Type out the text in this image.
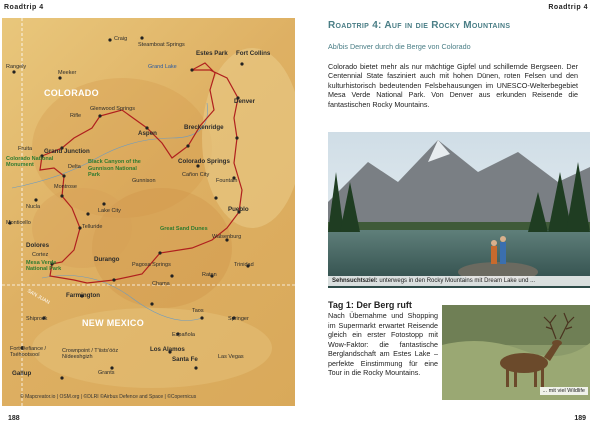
Roadtrip 4
COLORADO
NEW MEXICO
SAN JUAN
Craig
Steamboat Springs
Estes Park Fort Collins
Rangely
Meeker
Grand Lake
Denver
Glenwood Springs
Rifle
Aspen
Breckenridge
Fruita Grand Junction
Colorado National Monument	Black Canyon of the Gunnison National Park
Delta
Colorado Springs
Montrose
Gunnison	Fountain
Cañon City
Nucla	Pueblo
Monticello
Lake City
Telluride	Great Sand Dunes
Dolores
Walsenburg
Cortez
Mesa Verde National Park
Durango
Pagosa Springs	Trinidad
Farmington
Chama
Raton
Taos
Springer
Shiprock
Española
Fort Defiance / Tséhootsooí
Crownpoint / T'iists'óóz Nídeeshgizh
Los Alamos
Santa Fe	Las Vegas
Gallup	Grants
© Mapcreator.io | OSM.org | ©DLRI ©Airbus Defence and Space | ©Copernicus
188
Roadtrip 4
Roadtrip 4: Auf in die Rocky Mountains
Ab/bis Denver durch die Berge von Colorado
Colorado bietet mehr als nur mächtige Gipfel und schillernde Bergseen. Der Centennial State fasziniert auch mit hohen Dünen, roten Felsen und den kulturhistorisch bedeutenden Felsbehausungen im UNESCO-Welterbegebiet Mesa Verde National Park. Von Denver aus erkunden Reisende die fantastischen Rocky Mountains.
Sehnsuchtsziel: unterwegs in den Rocky Mountains mit Dream Lake und ...
Tag 1: Der Berg ruft
Nach Übernahme und Shopping im Supermarkt erwartet Reisende gleich ein erster Fotostopp mit Wow-Faktor: die fantastische Berglandschaft am Estes Lake – perfekte Einstimmung für eine Tour in die Rocky Mountains.
... mit viel Wildlife
189
